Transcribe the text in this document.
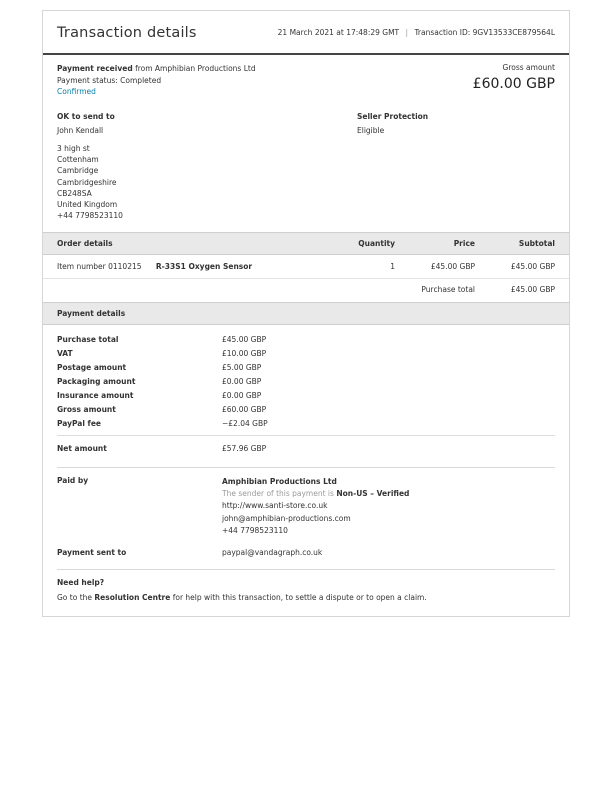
Transaction details	21 March 2021 at 17:48:29 GMT | Transaction ID: 9GV13533CE879564L
Payment received from Amphibian Productions Ltd
Payment status: Completed
Confirmed
Gross amount
£60.00 GBP
OK to send to
John Kendall
3 high st
Cottenham
Cambridge
Cambridgeshire
CB248SA
United Kingdom
+44 7798523110
Seller Protection
Eligible
Order details	Quantity	Price	Subtotal
Item number 0110215 R-33S1 Oxygen Sensor	1	£45.00 GBP	£45.00 GBP
Purchase total	£45.00 GBP
Payment details
Purchase total	£45.00 GBP
VAT	£10.00 GBP
Postage amount	£5.00 GBP
Packaging amount	£0.00 GBP
Insurance amount	£0.00 GBP
Gross amount	£60.00 GBP
PayPal fee	−£2.04 GBP
Net amount	£57.96 GBP
Paid by	Amphibian Productions Ltd
The sender of this payment is Non-US – Verified
http://www.santi-store.co.uk
john@amphibian-productions.com
+44 7798523110
Payment sent to	paypal@vandagraph.co.uk
Need help?
Go to the Resolution Centre for help with this transaction, to settle a dispute or to open a claim.
